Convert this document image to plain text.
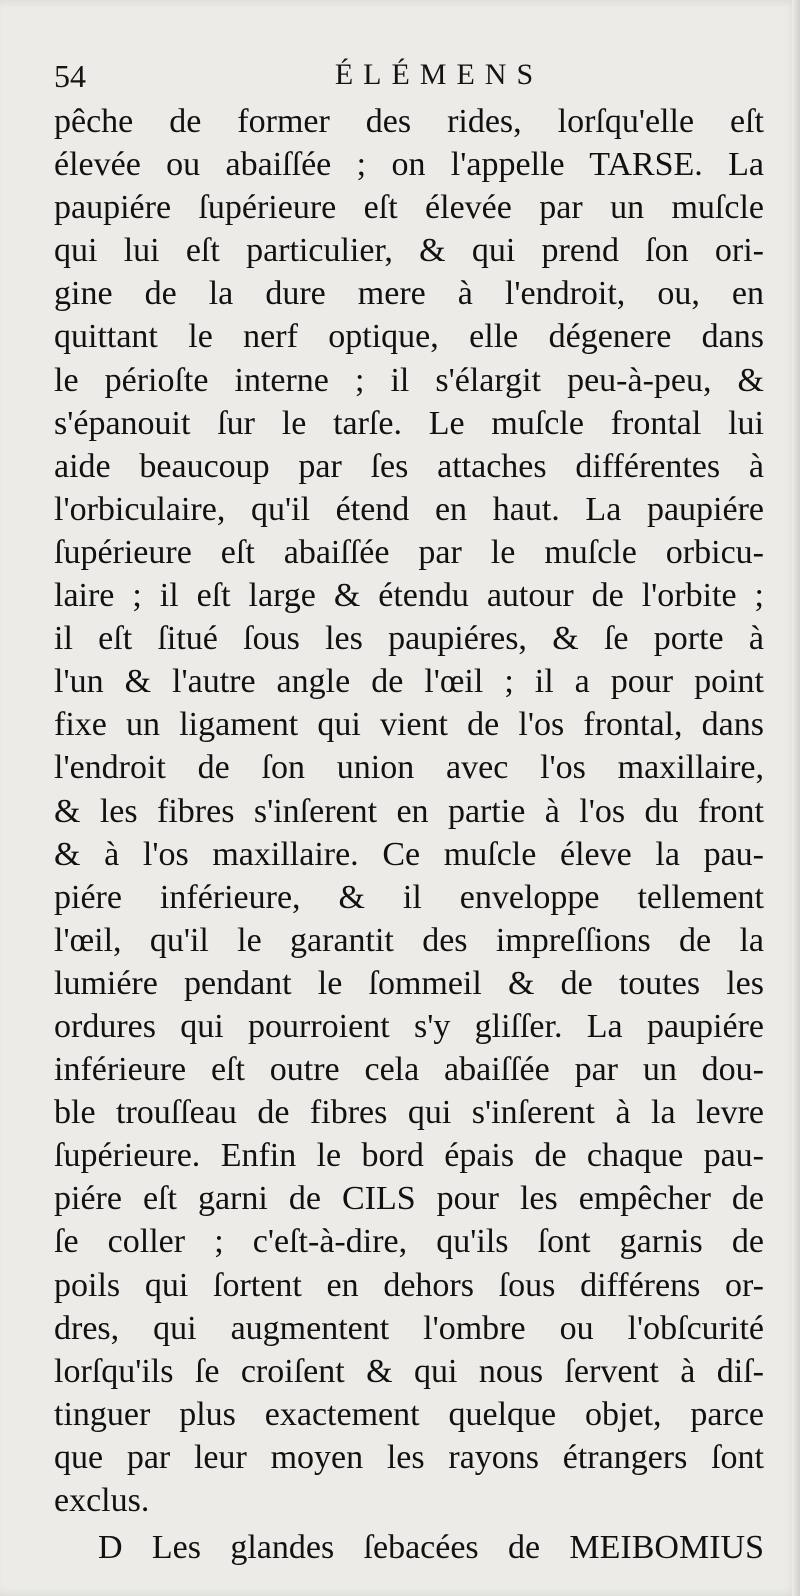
54	ÉLÉMENS
pêche de former des rides, lorſqu'elle eſt
élevée ou abaiſſée ; on l'appelle TARSE. La
paupiére ſupérieure eſt élevée par un muſcle
qui lui eſt particulier, & qui prend ſon ori-
gine de la dure mere à l'endroit, ou, en
quittant le nerf optique, elle dégenere dans
le périoſte interne ; il s'élargit peu-à-peu, &
s'épanouit ſur le tarſe. Le muſcle frontal lui
aide beaucoup par ſes attaches différentes à
l'orbiculaire, qu'il étend en haut. La paupiére
ſupérieure eſt abaiſſée par le muſcle orbicu-
laire ; il eſt large & étendu autour de l'orbite ;
il eſt ſitué ſous les paupiéres, & ſe porte à
l'un & l'autre angle de l'œil ; il a pour point
fixe un ligament qui vient de l'os frontal, dans
l'endroit de ſon union avec l'os maxillaire,
& les fibres s'inſerent en partie à l'os du front
& à l'os maxillaire. Ce muſcle éleve la pau-
piére inférieure, & il enveloppe tellement
l'œil, qu'il le garantit des impreſſions de la
lumiére pendant le ſommeil & de toutes les
ordures qui pourroient s'y gliſſer. La paupiére
inférieure eſt outre cela abaiſſée par un dou-
ble trouſſeau de fibres qui s'inſerent à la levre
ſupérieure. Enfin le bord épais de chaque pau-
piére eſt garni de CILS pour les empêcher de
ſe coller ; c'eſt-à-dire, qu'ils ſont garnis de
poils qui ſortent en dehors ſous différens or-
dres, qui augmentent l'ombre ou l'obſcurité
lorſqu'ils ſe croiſent & qui nous ſervent à diſ-
tinguer plus exactement quelque objet, parce
que par leur moyen les rayons étrangers ſont
exclus.
D Les glandes ſebacées de MEIBOMIUS
